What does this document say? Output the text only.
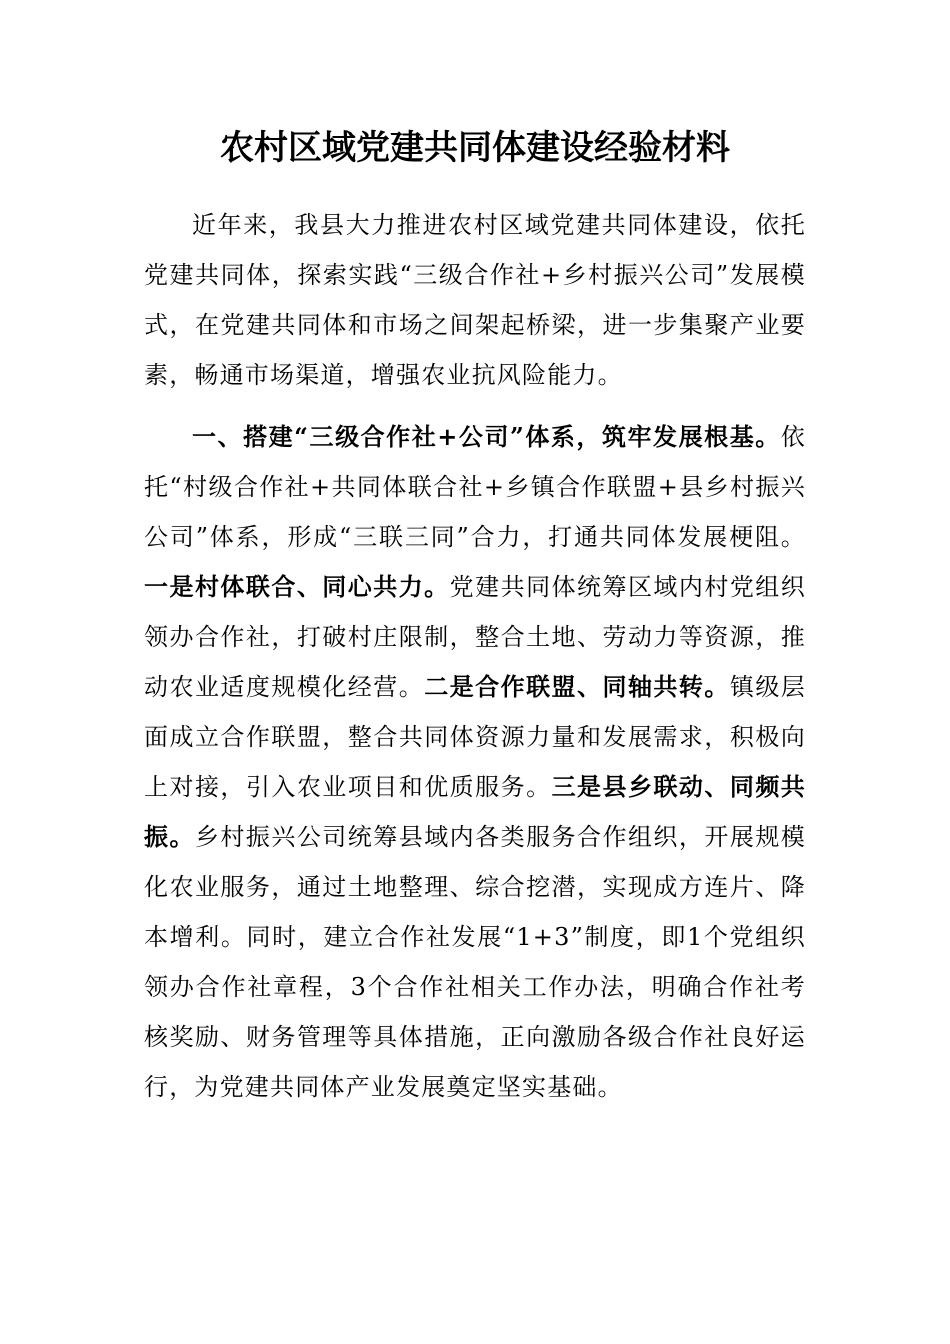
农村区域党建共同体建设经验材料

近年来，我县大力推进农村区域党建共同体建设，依托党建共同体，探索实践“三级合作社+乡村振兴公司”发展模式，在党建共同体和市场之间架起桥梁，进一步集聚产业要素，畅通市场渠道，增强农业抗风险能力。

一、搭建“三级合作社+公司”体系，筑牢发展根基。依托“村级合作社+共同体联合社+乡镇合作联盟+县乡村振兴公司”体系，形成“三联三同”合力，打通共同体发展梗阻。一是村体联合、同心共力。党建共同体统筹区域内村党组织领办合作社，打破村庄限制，整合土地、劳动力等资源，推动农业适度规模化经营。二是合作联盟、同轴共转。镇级层面成立合作联盟，整合共同体资源力量和发展需求，积极向上对接，引入农业项目和优质服务。三是县乡联动、同频共振。乡村振兴公司统筹县域内各类服务合作组织，开展规模化农业服务，通过土地整理、综合挖潜，实现成方连片、降本增利。同时，建立合作社发展“1+3”制度，即1个党组织领办合作社章程，3个合作社相关工作办法，明确合作社考核奖励、财务管理等具体措施，正向激励各级合作社良好运行，为党建共同体产业发展奠定坚实基础。
